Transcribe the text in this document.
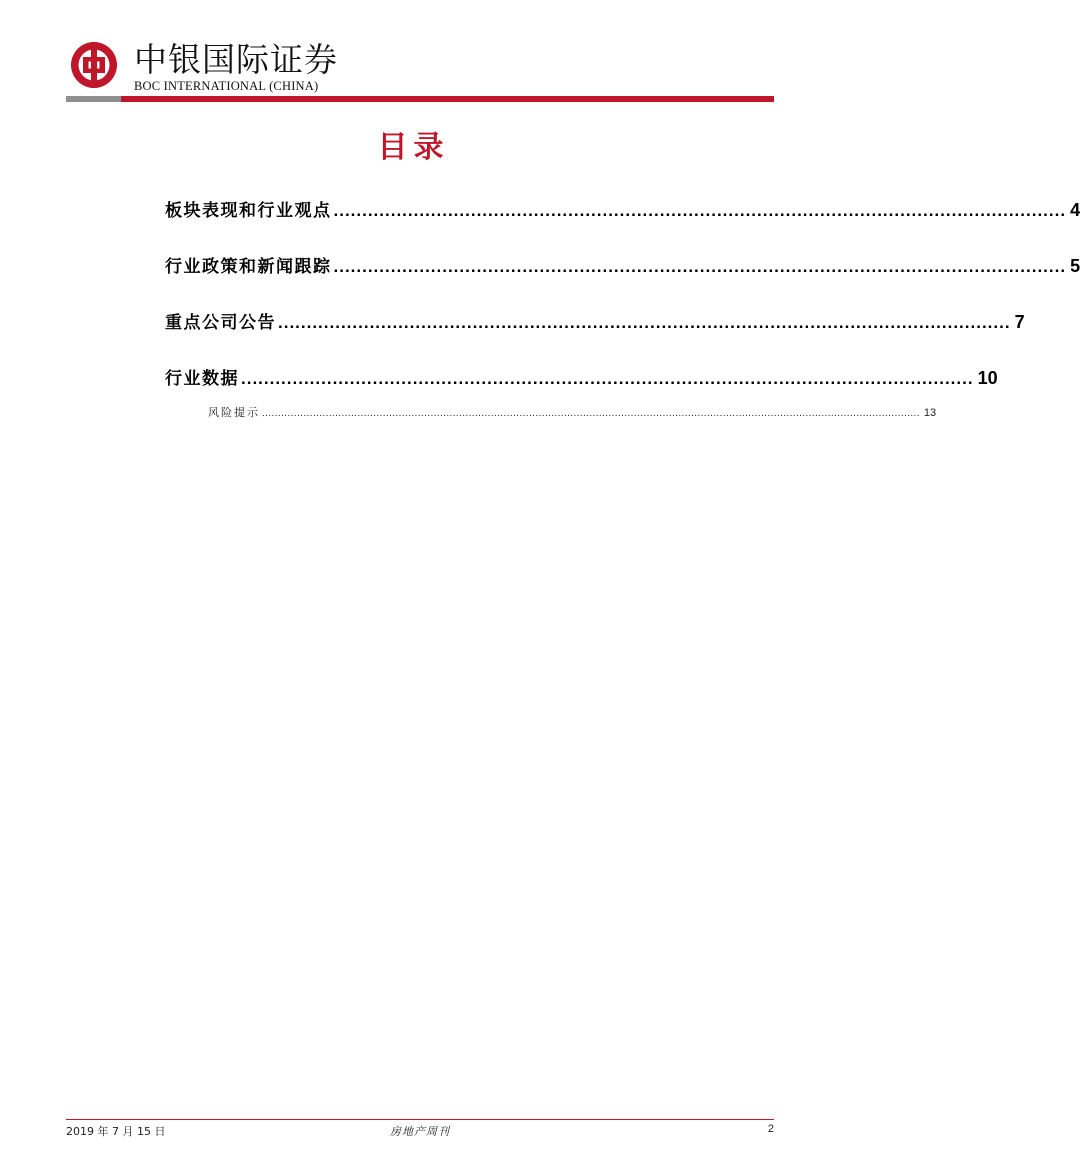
中银国际证券
BOC INTERNATIONAL (CHINA)
目录
板块表现和行业观点 ................................................................................................................................ 4
行业政策和新闻跟踪 ................................................................................................................................ 5
重点公司公告 ................................................................................................................................ 7
行业数据 ................................................................................................................................ 10
风险提示 ............................................................................................................................................................................................................... 13
2019 年 7 月 15 日	房地产周刊	2
